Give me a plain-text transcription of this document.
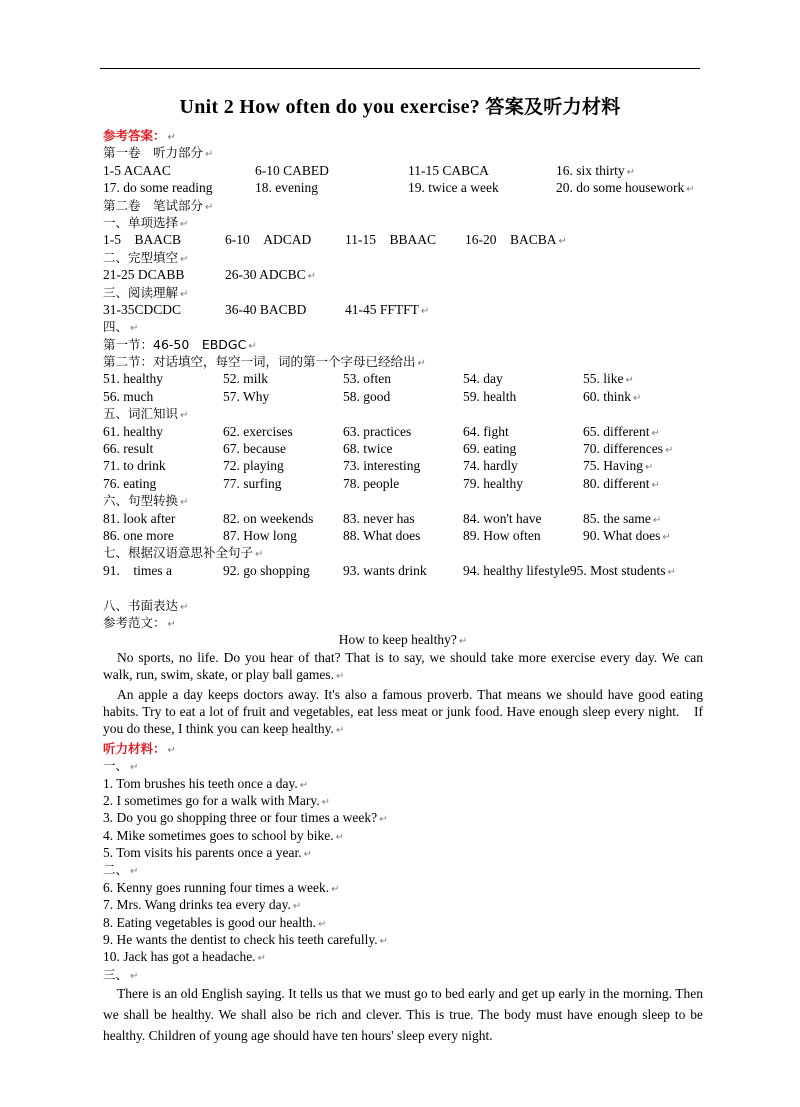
Unit 2 How often do you exercise? 答案及听力材料
参考答案： ↵
第一卷　听力部分 ↵
1-5 ACAAC	6-10 CABED	11-15 CABCA	16. six thirty ↵
17. do some reading	18. evening	19. twice a week	20. do some housework ↵
第二卷　笔试部分 ↵
一、单项选择 ↵
1-5　BAACB	6-10　ADCAD	11-15　BBAAC 16-20　BACBA ↵
二、完型填空 ↵
21-25 DCABB	26-30 ADCBC ↵
三、阅读理解 ↵
31-35CDCDC	36-40 BACBD	41-45 FFTFT ↵
四、 ↵
第一节：46-50　EBDGC ↵
第二节：对话填空，每空一词，词的第一个字母已经给出 ↵
51. healthy	52. milk	53. often	54. day	55. like ↵
56. much	57. Why	58. good	59. health	60. think ↵
五、词汇知识 ↵
61. healthy	62. exercises	63. practices	64. fight	65. different ↵
66. result	67. because	68. twice	69. eating	70. differences ↵
71. to drink	72. playing	73. interesting	74. hardly	75. Having ↵
76. eating	77. surfing	78. people	79. healthy	80. different ↵
六、句型转换 ↵
81. look after	82. on weekends 83. never has	84. won't have	85. the same ↵
86. one more	87. How long	88. What does	89. How often	90. What does ↵
七、根据汉语意思补全句子 ↵
91.　times a	92. go shopping 93. wants drink	94. healthy lifestyle95. Most students ↵
八、书面表达 ↵
参考范文： ↵
How to keep healthy? ↵
No sports, no life. Do you hear of that? That is to say, we should take more exercise every day. We can walk, run, swim, skate, or play ball games. ↵
An apple a day keeps doctors away. It's also a famous proverb. That means we should have good eating habits. Try to eat a lot of fruit and vegetables, eat less meat or junk food. Have enough sleep every night.　If you do these, I think you can keep healthy. ↵
听力材料： ↵
一、 ↵
1. Tom brushes his teeth once a day. ↵
2. I sometimes go for a walk with Mary. ↵
3. Do you go shopping three or four times a week? ↵
4. Mike sometimes goes to school by bike. ↵
5. Tom visits his parents once a year. ↵
二、 ↵
6. Kenny goes running four times a week. ↵
7. Mrs. Wang drinks tea every day. ↵
8. Eating vegetables is good our health. ↵
9. He wants the dentist to check his teeth carefully. ↵
10. Jack has got a headache. ↵
三、 ↵
There is an old English saying. It tells us that we must go to bed early and get up early in the morning. Then we shall be healthy. We shall also be rich and clever. This is true. The body must have enough sleep to be healthy. Children of young age should have ten hours' sleep every night.
